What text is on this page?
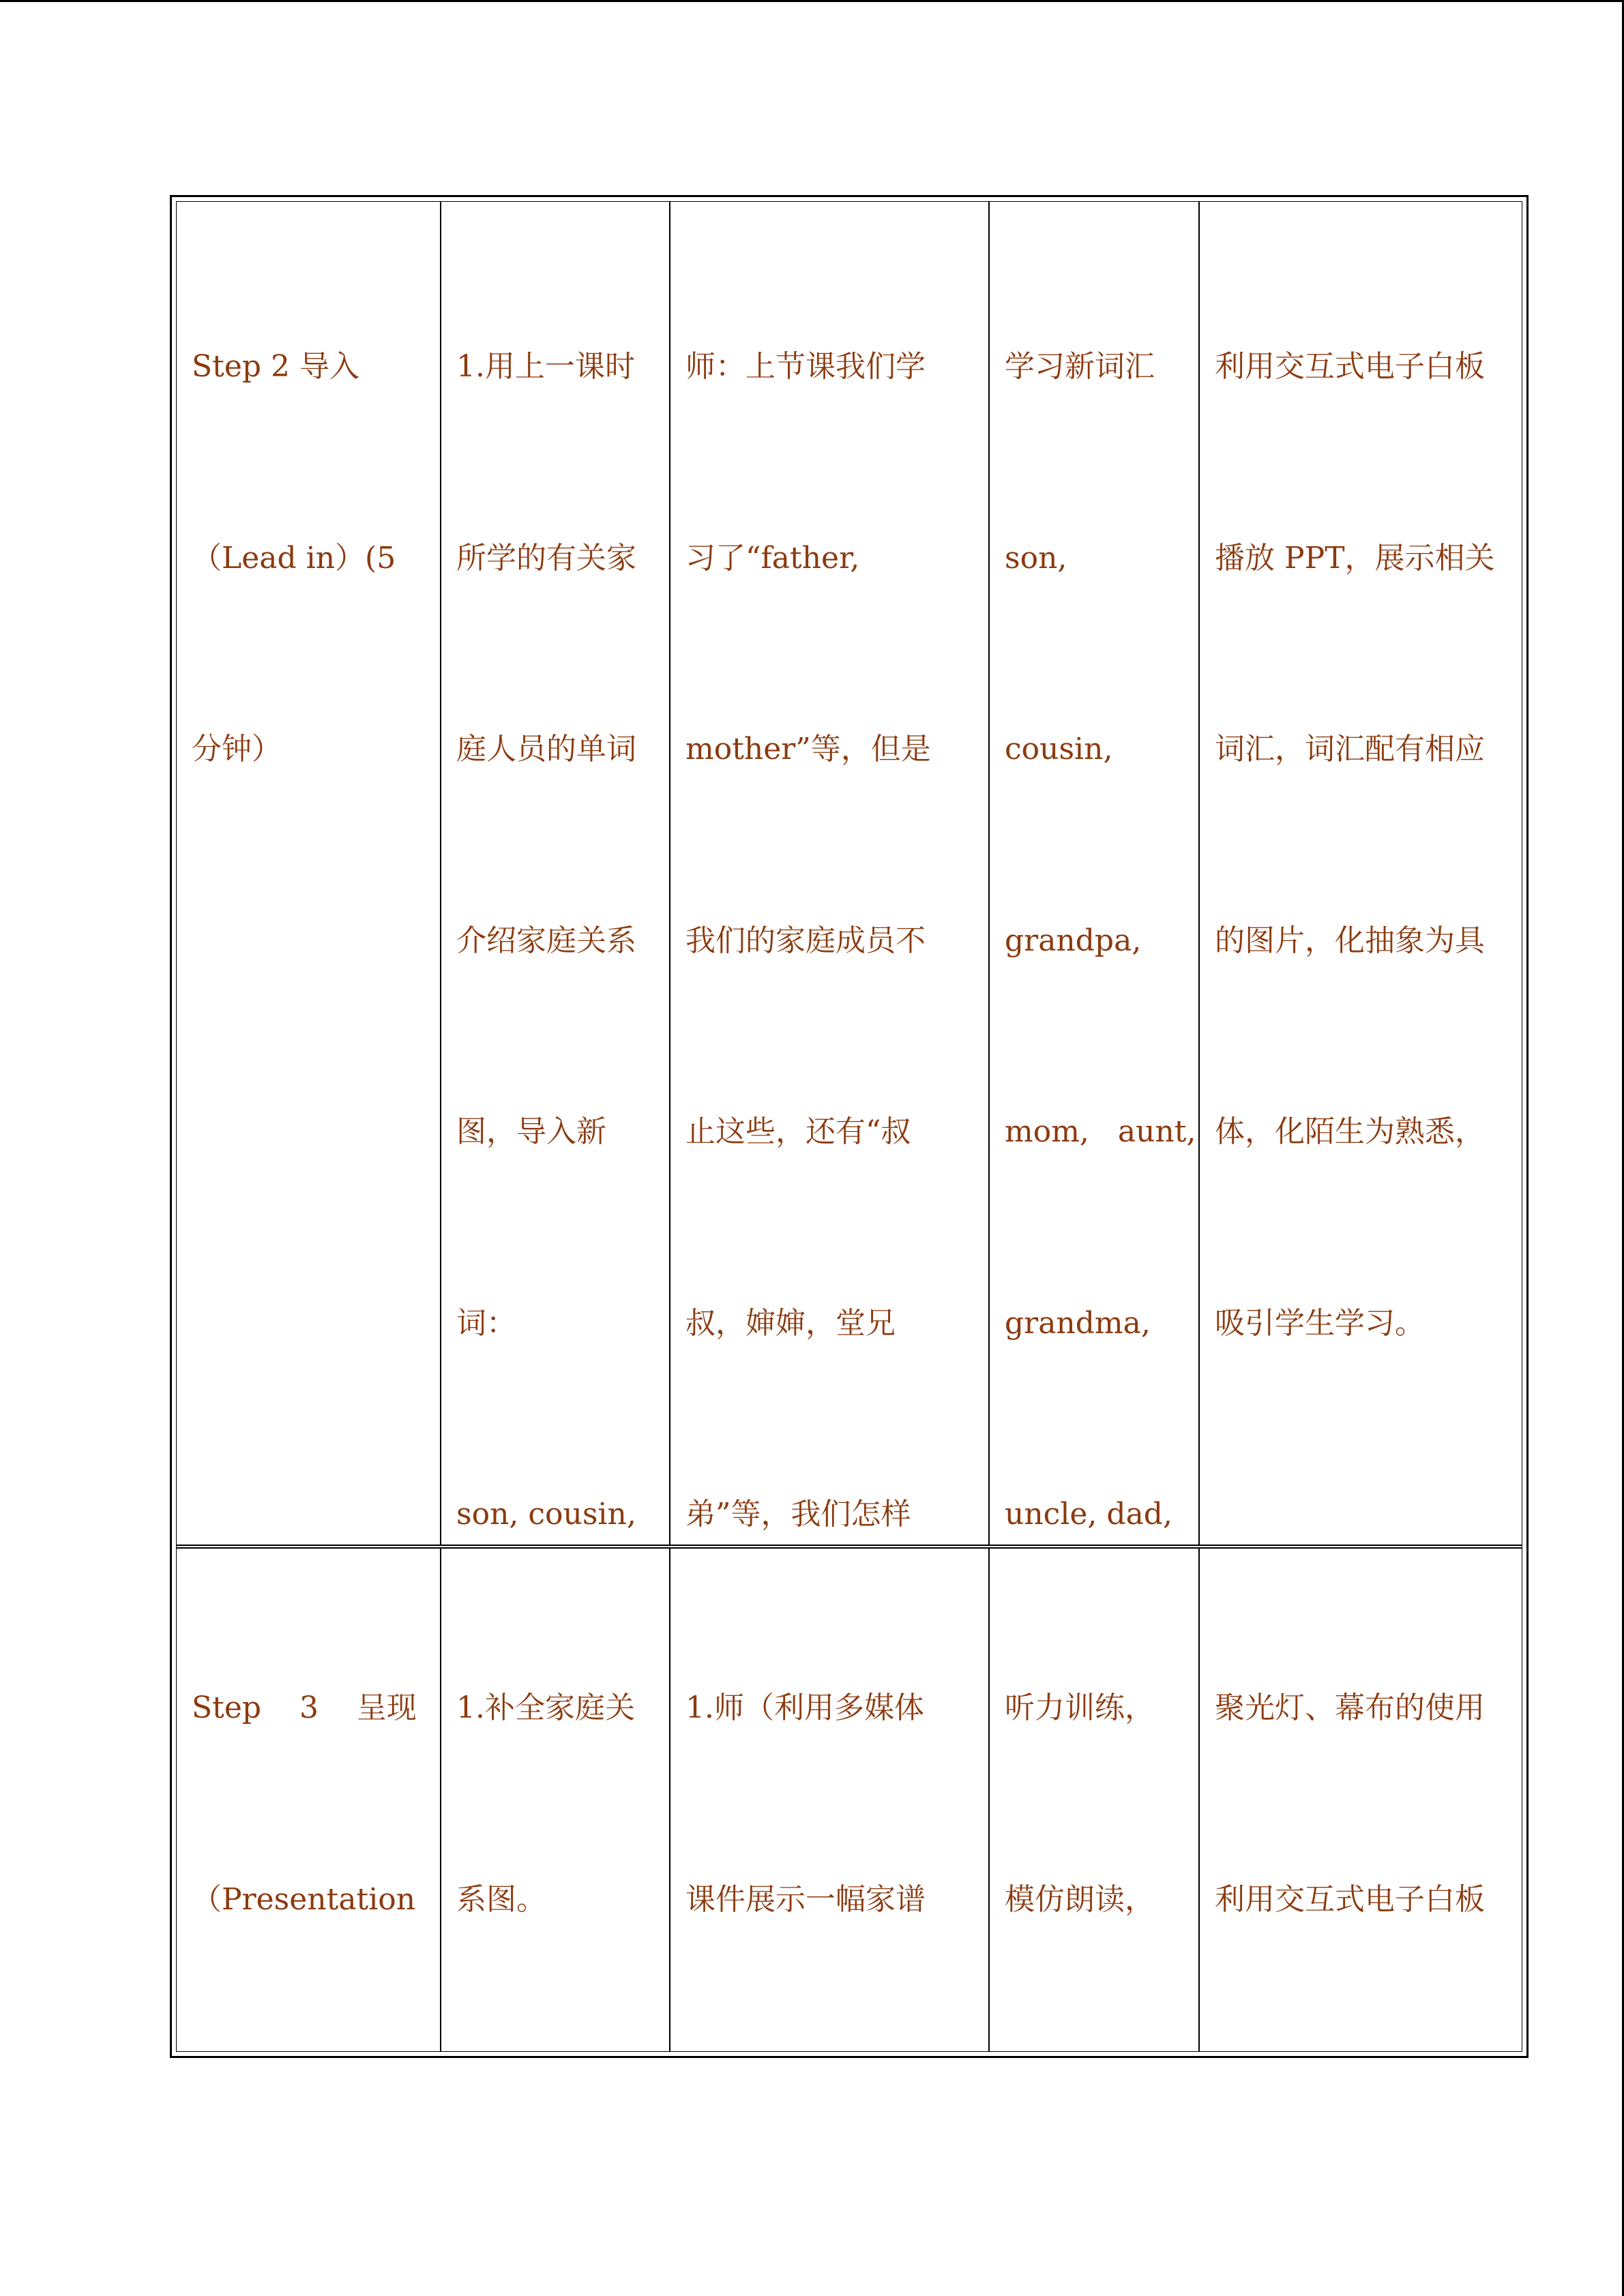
Step 2 导入

（Lead in）(5

分钟）

1.用上一课时

所学的有关家

庭人员的单词

介绍家庭关系

图，导入新

词：

son, cousin,

师：上节课我们学

习了“father,

mother”等，但是

我们的家庭成员不

止这些，还有“叔

叔，婶婶，堂兄

弟”等，我们怎样

学习新词汇

son,

cousin,

grandpa,

mom,   aunt,

grandma,

uncle, dad,

利用交互式电子白板

播放 PPT，展示相关

词汇，词汇配有相应

的图片，化抽象为具

体，化陌生为熟悉，

吸引学生学习。

Step    3    呈现

（Presentation

1.补全家庭关

系图。

1.师（利用多媒体

课件展示一幅家谱

听力训练，

模仿朗读，

聚光灯、幕布的使用

利用交互式电子白板
